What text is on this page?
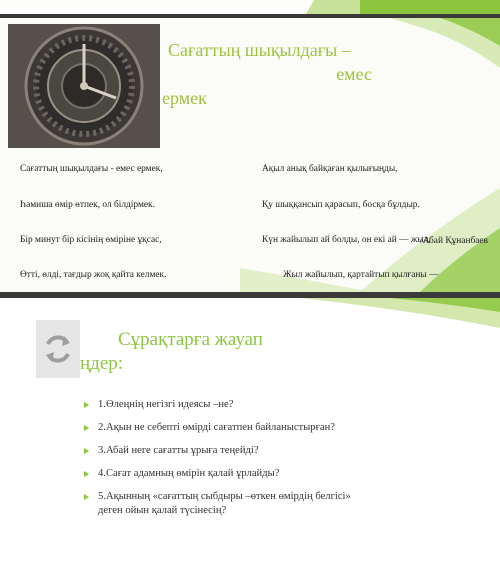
Сағаттың шықылдағы –
емес
ермек

Сағаттың шықылдағы - емес ермек,

Һәмиша өмір өтпек, ол білдірмек.

Бір минут бір кісінің өміріне ұқсас,

Өтті, өлді, тағдыр жоқ қайта келмек.

Ақыл анық байқаған қылығыңды,

Қу шыққансып қарасып, босқа бұлдыр.

Күн жайылып ай болды, он екі ай — жыл,

Жыл жайылып, қартайтып қылғаны —

/Абай Құнанбаев
Сұрақтарға жауап
ңдер:
1.Өлеңнің негізгі идеясы –не?
2.Ақын не себепті өмірді сағатпен байланыстырған?
3.Абай неге сағатты ұрыға теңейді?
4.Сағат адамның өмірін қалай ұрлайды?
5.Ақынның «сағаттың сыбдыры –өткен өмірдің белгісі» деген ойын қалай түсінесің?
